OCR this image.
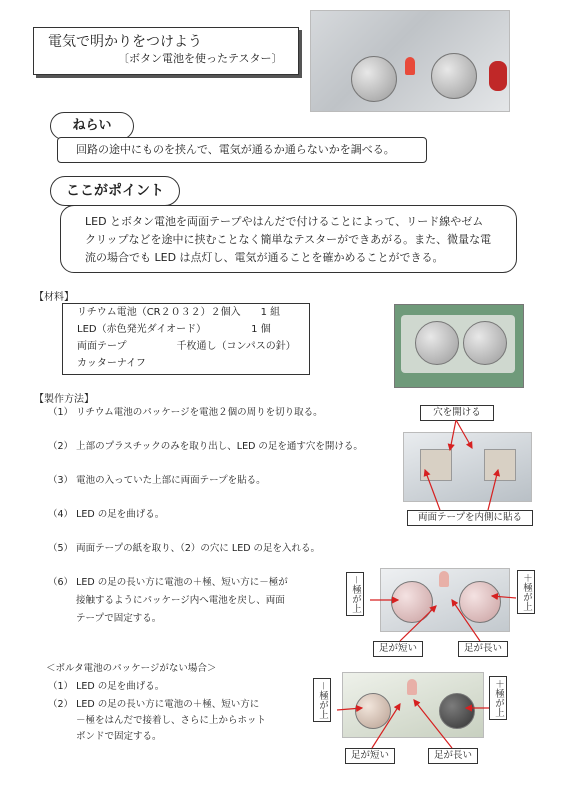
電気で明かりをつけよう
〔ボタン電池を使ったテスター〕
ねらい
回路の途中にものを挟んで、電気が通るか通らないかを調べる。
ここがポイント
LED とボタン電池を両面テープやはんだで付けることによって、リード線やゼム
クリップなどを途中に挟むことなく簡単なテスターができあがる。また、微量な電
流の場合でも LED は点灯し、電気が通ることを確かめることができる。
【材料】
リチウム電池（CR２０３２）２個入　　1 組
LED（赤色発光ダイオード）　　　　　1 個
両面テープ　　　　　千枚通し（コンパスの針）
カッターナイフ
【製作方法】
（1） リチウム電池のパッケージを電池２個の周りを切り取る。
（2） 上部のプラスチックのみを取り出し、LED の足を通す穴を開ける。
（3） 電池の入っていた上部に両面テープを貼る。
（4） LED の足を曲げる。
（5） 両面テープの紙を取り、（2）の穴に LED の足を入れる。
（6） LED の足の長い方に電池の＋極、短い方に－極が
接触するようにパッケージ内へ電池を戻し、両面
テープで固定する。
穴を開ける
両面テープを内側に貼る
－極が上	＋極が上
足が短い	足が長い
＜ボルタ電池のパッケージがない場合＞
（1） LED の足を曲げる。
（2） LED の足の長い方に電池の＋極、短い方に
－極をはんだで接着し、さらに上からホット
ボンドで固定する。
－極が上	＋極が上
足が短い	足が長い
